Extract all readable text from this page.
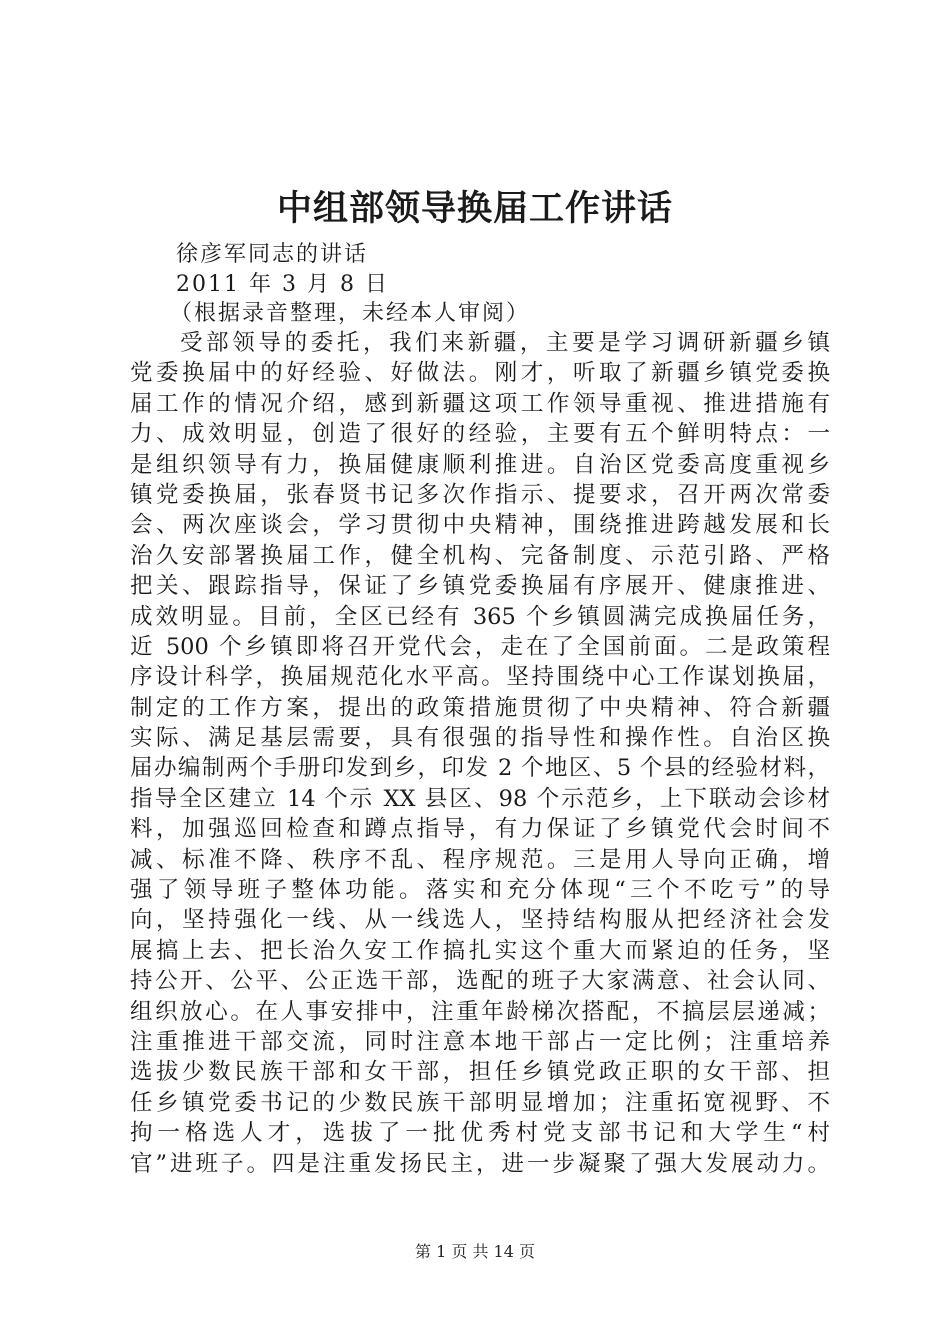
中组部领导换届工作讲话
徐彦军同志的讲话
2011 年 3 月 8 日
（根据录音整理，未经本人审阅）
受部领导的委托，我们来新疆，主要是学习调研新疆乡镇
党委换届中的好经验、好做法。刚才，听取了新疆乡镇党委换
届工作的情况介绍，感到新疆这项工作领导重视、推进措施有
力、成效明显，创造了很好的经验，主要有五个鲜明特点：一
是组织领导有力，换届健康顺利推进。自治区党委高度重视乡
镇党委换届，张春贤书记多次作指示、提要求，召开两次常委
会、两次座谈会，学习贯彻中央精神，围绕推进跨越发展和长
治久安部署换届工作，健全机构、完备制度、示范引路、严格
把关、跟踪指导，保证了乡镇党委换届有序展开、健康推进、
成效明显。目前，全区已经有 365 个乡镇圆满完成换届任务，
近 500 个乡镇即将召开党代会，走在了全国前面。二是政策程
序设计科学，换届规范化水平高。坚持围绕中心工作谋划换届，
制定的工作方案，提出的政策措施贯彻了中央精神、符合新疆
实际、满足基层需要，具有很强的指导性和操作性。自治区换
届办编制两个手册印发到乡，印发 2 个地区、5 个县的经验材料，
指导全区建立 14 个示 XX 县区、98 个示范乡，上下联动会诊材
料，加强巡回检查和蹲点指导，有力保证了乡镇党代会时间不
减、标准不降、秩序不乱、程序规范。三是用人导向正确，增
强了领导班子整体功能。落实和充分体现“三个不吃亏”的导
向，坚持强化一线、从一线选人，坚持结构服从把经济社会发
展搞上去、把长治久安工作搞扎实这个重大而紧迫的任务，坚
持公开、公平、公正选干部，选配的班子大家满意、社会认同、
组织放心。在人事安排中，注重年龄梯次搭配，不搞层层递减；
注重推进干部交流，同时注意本地干部占一定比例；注重培养
选拔少数民族干部和女干部，担任乡镇党政正职的女干部、担
任乡镇党委书记的少数民族干部明显增加；注重拓宽视野、不
拘一格选人才，选拔了一批优秀村党支部书记和大学生“村
官”进班子。四是注重发扬民主，进一步凝聚了强大发展动力。
第 1 页 共 14 页
